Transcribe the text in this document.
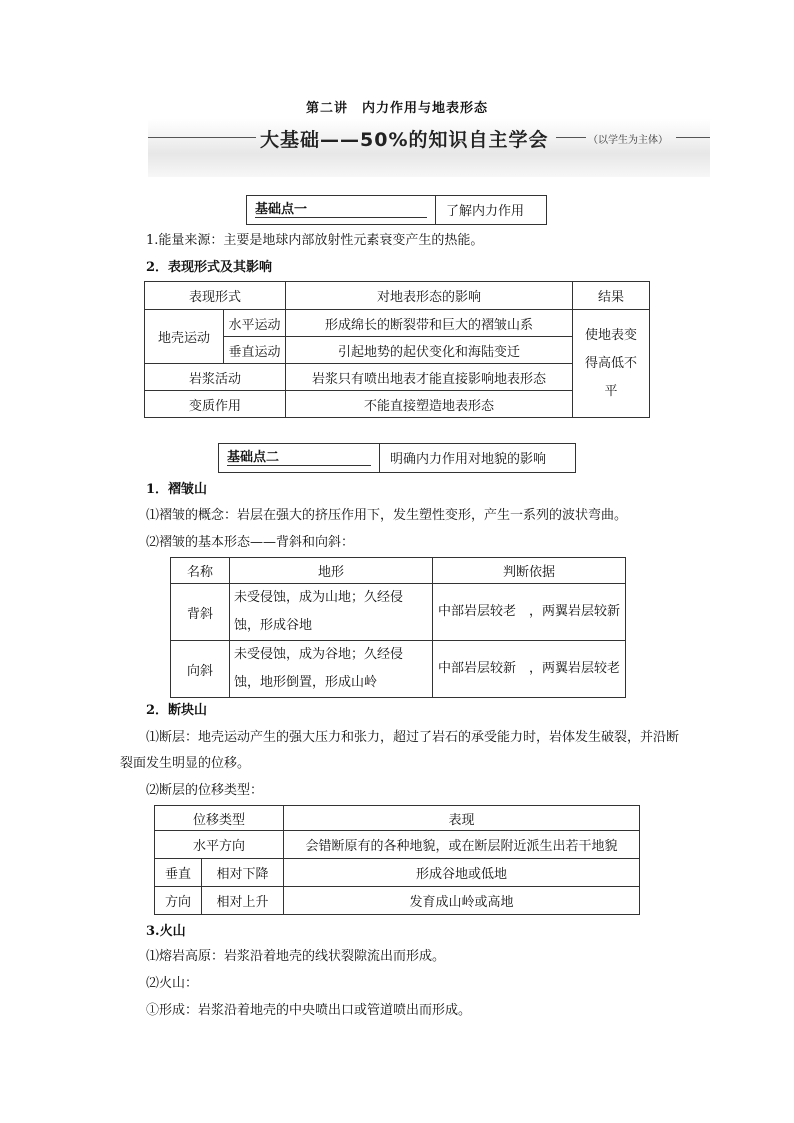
第二讲　内力作用与地表形态
大基础——50%的知识自主学会	（以学生为主体）
基础点一	了解内力作用
1.能量来源：主要是地球内部放射性元素衰变产生的热能。
2．表现形式及其影响
表现形式		对地表形态的影响	结果
地壳运动	水平运动	形成绵长的断裂带和巨大的褶皱山系	使地表变得高低不平
	垂直运动	引起地势的起伏变化和海陆变迁	
岩浆活动		岩浆只有喷出地表才能直接影响地表形态	
变质作用		不能直接塑造地表形态	
基础点二	明确内力作用对地貌的影响
1．褶皱山
⑴褶皱的概念：岩层在强大的挤压作用下，发生塑性变形，产生一系列的波状弯曲。
⑵褶皱的基本形态——背斜和向斜：
名称	地形	判断依据
背斜	未受侵蚀，成为山地；久经侵蚀，形成谷地	中部岩层较老　，两翼岩层较新
向斜	未受侵蚀，成为谷地；久经侵蚀，地形倒置，形成山岭	中部岩层较新　，两翼岩层较老
2．断块山
⑴断层：地壳运动产生的强大压力和张力，超过了岩石的承受能力时，岩体发生破裂，并沿断裂面发生明显的位移。
⑵断层的位移类型：
位移类型		表现
水平方向		会错断原有的各种地貌，或在断层附近派生出若干地貌
垂直	相对下降	形成谷地或低地
方向	相对上升	发育成山岭或高地
3.火山
⑴熔岩高原：岩浆沿着地壳的线状裂隙流出而形成。
⑵火山：
①形成：岩浆沿着地壳的中央喷出口或管道喷出而形成。
